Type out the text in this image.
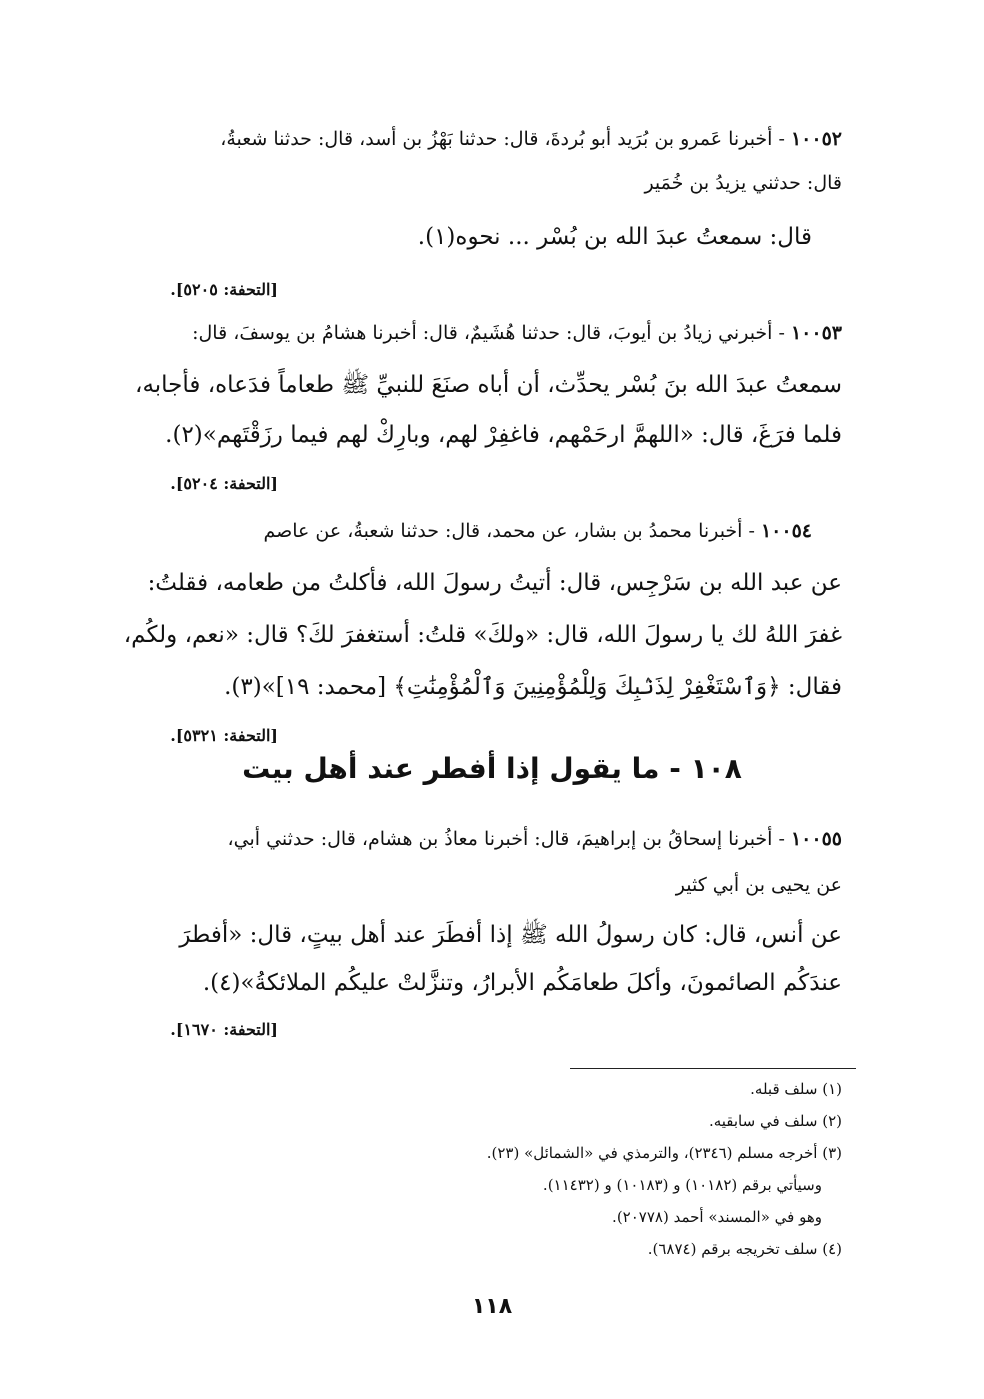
١٠٠٥٢ - أخبرنا عَمرو بن بُرَيد أبو بُردةَ، قال: حدثنا بَهْزُ بن أسد، قال: حدثنا شعبةُ،
قال: حدثني يزيدُ بن خُمَير
قال: سمعتُ عبدَ الله بن بُسْر ... نحوه(١).
[التحفة: ٥٢٠٥].
١٠٠٥٣ - أخبرني زيادُ بن أيوبَ، قال: حدثنا هُشَيمٌ، قال: أخبرنا هشامُ بن يوسفَ، قال:
سمعتُ عبدَ الله بنَ بُسْر يحدِّث، أن أباه صنَعَ للنبيِّ ﷺ طعاماً فدَعاه، فأجابه،
فلما فرَغَ، قال: «اللهمَّ ارحَمْهم، فاغفِرْ لهم، وبارِكْ لهم فيما رزَقْتَهم»(٢).
[التحفة: ٥٢٠٤].
١٠٠٥٤ - أخبرنا محمدُ بن بشار، عن محمد، قال: حدثنا شعبةُ، عن عاصم
عن عبد الله بن سَرْجِس، قال: أتيتُ رسولَ الله، فأكلتُ من طعامه، فقلتُ:
غفرَ اللهُ لك يا رسولَ الله، قال: «ولكَ» قلتُ: أستغفرَ لكَ؟ قال: «نعم، ولكُم،
فقال: ﴿وَٱسْتَغْفِرْ لِذَنۢبِكَ وَلِلْمُؤْمِنِينَ وَٱلْمُؤْمِنَٰتِ﴾ [محمد: ١٩]»(٣).
[التحفة: ٥٣٢١].
١٠٨ - ما يقول إذا أفطر عند أهل بيت
١٠٠٥٥ - أخبرنا إسحاقُ بن إبراهيمَ، قال: أخبرنا معاذُ بن هشام، قال: حدثني أبي،
عن يحيى بن أبي كثير
عن أنس، قال: كان رسولُ الله ﷺ إذا أفطَرَ عند أهل بيتٍ، قال: «أفطرَ
عندَكُم الصائمونَ، وأكلَ طعامَكُم الأبرارُ، وتنزَّلتْ عليكُم الملائكةُ»(٤).
[التحفة: ١٦٧٠].
(١) سلف قبله.
(٢) سلف في سابقيه.
(٣) أخرجه مسلم (٢٣٤٦)، والترمذي في «الشمائل» (٢٣).
وسيأتي برقم (١٠١٨٢) و (١٠١٨٣) و (١١٤٣٢).
وهو في «المسند» أحمد (٢٠٧٧٨).
(٤) سلف تخريجه برقم (٦٨٧٤).
١١٨
